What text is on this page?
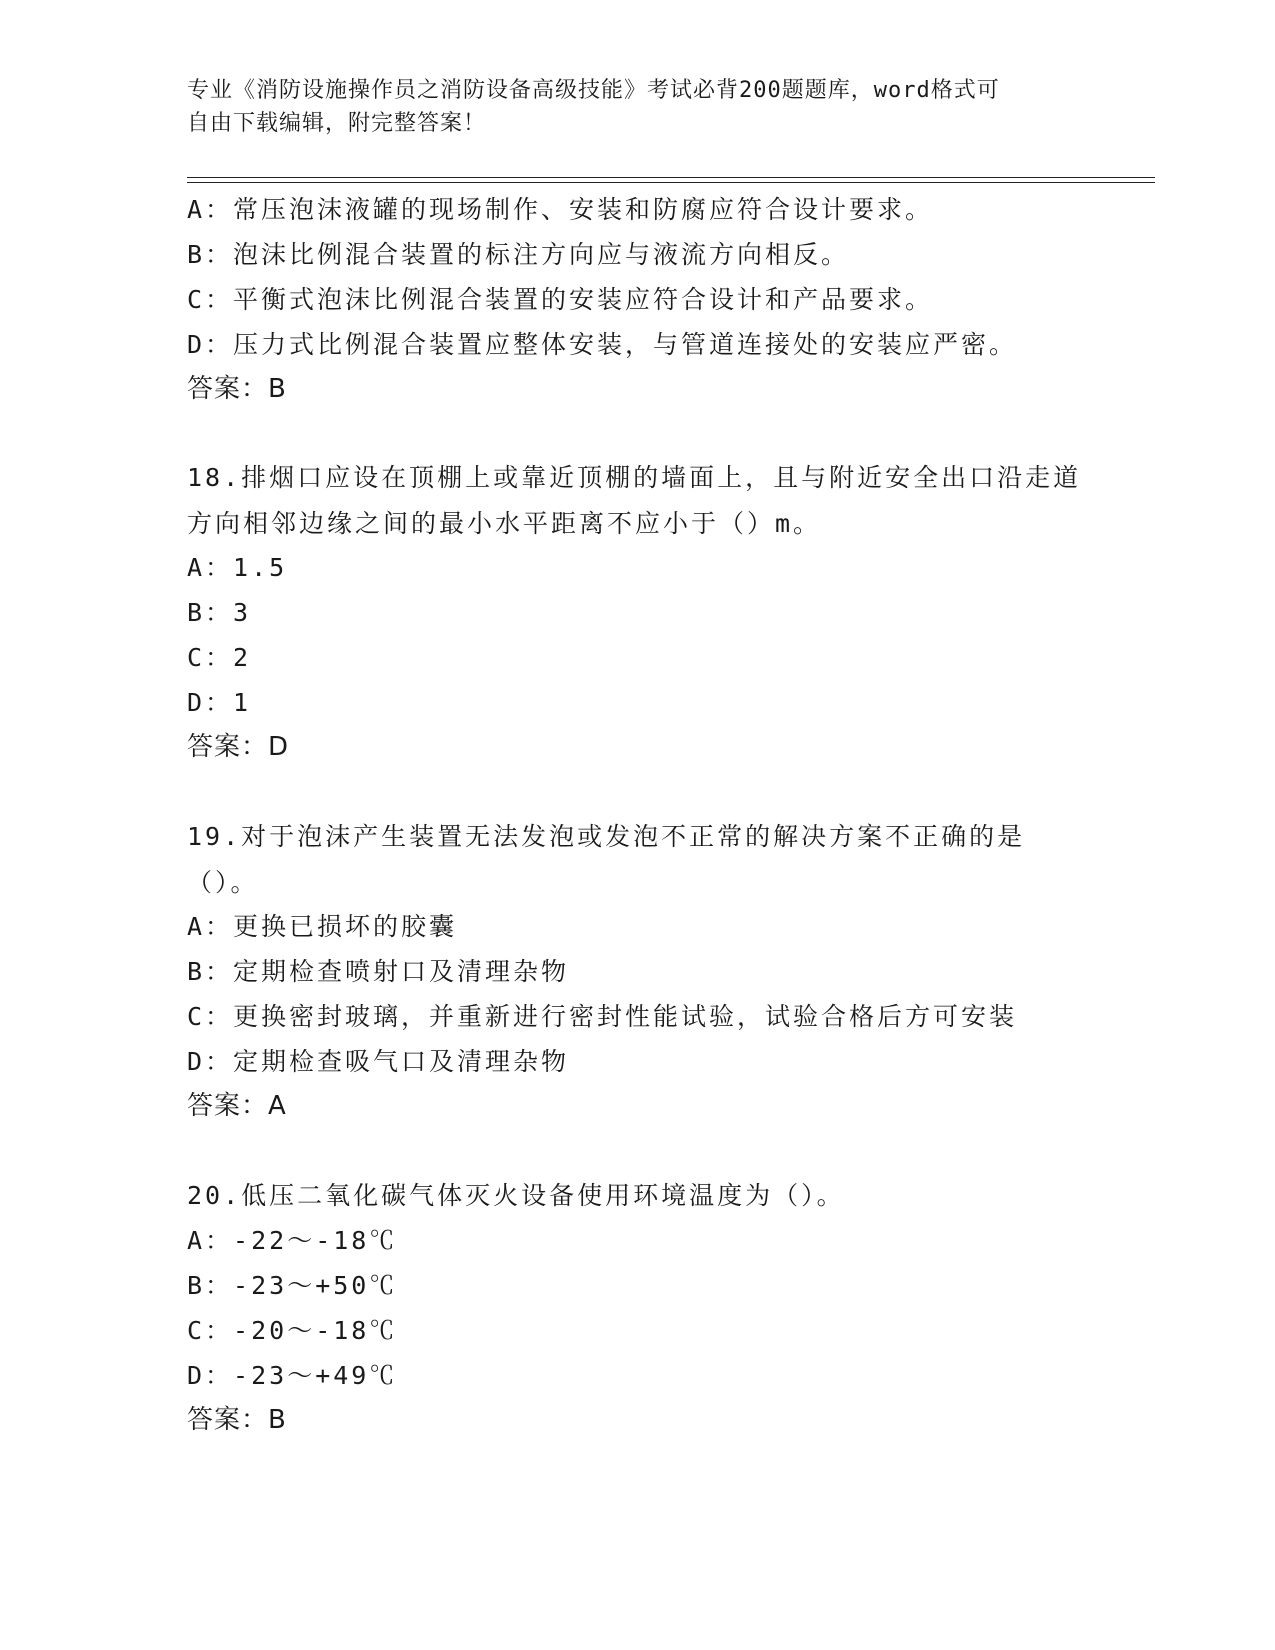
专业《消防设施操作员之消防设备高级技能》考试必背200题题库，word格式可
自由下载编辑，附完整答案！
A：常压泡沫液罐的现场制作、安装和防腐应符合设计要求。
B：泡沫比例混合装置的标注方向应与液流方向相反。
C：平衡式泡沫比例混合装置的安装应符合设计和产品要求。
D：压力式比例混合装置应整体安装，与管道连接处的安装应严密。
答案：B
18.排烟口应设在顶棚上或靠近顶棚的墙面上，且与附近安全出口沿走道方向相邻边缘之间的最小水平距离不应小于（）m。
A：1.5
B：3
C：2
D：1
答案：D
19.对于泡沫产生装置无法发泡或发泡不正常的解决方案不正确的是（）。
A：更换已损坏的胶囊
B：定期检查喷射口及清理杂物
C：更换密封玻璃，并重新进行密封性能试验，试验合格后方可安装
D：定期检查吸气口及清理杂物
答案：A
20.低压二氧化碳气体灭火设备使用环境温度为（）。
A：-22～-18℃
B：-23～+50℃
C：-20～-18℃
D：-23～+49℃
答案：B
